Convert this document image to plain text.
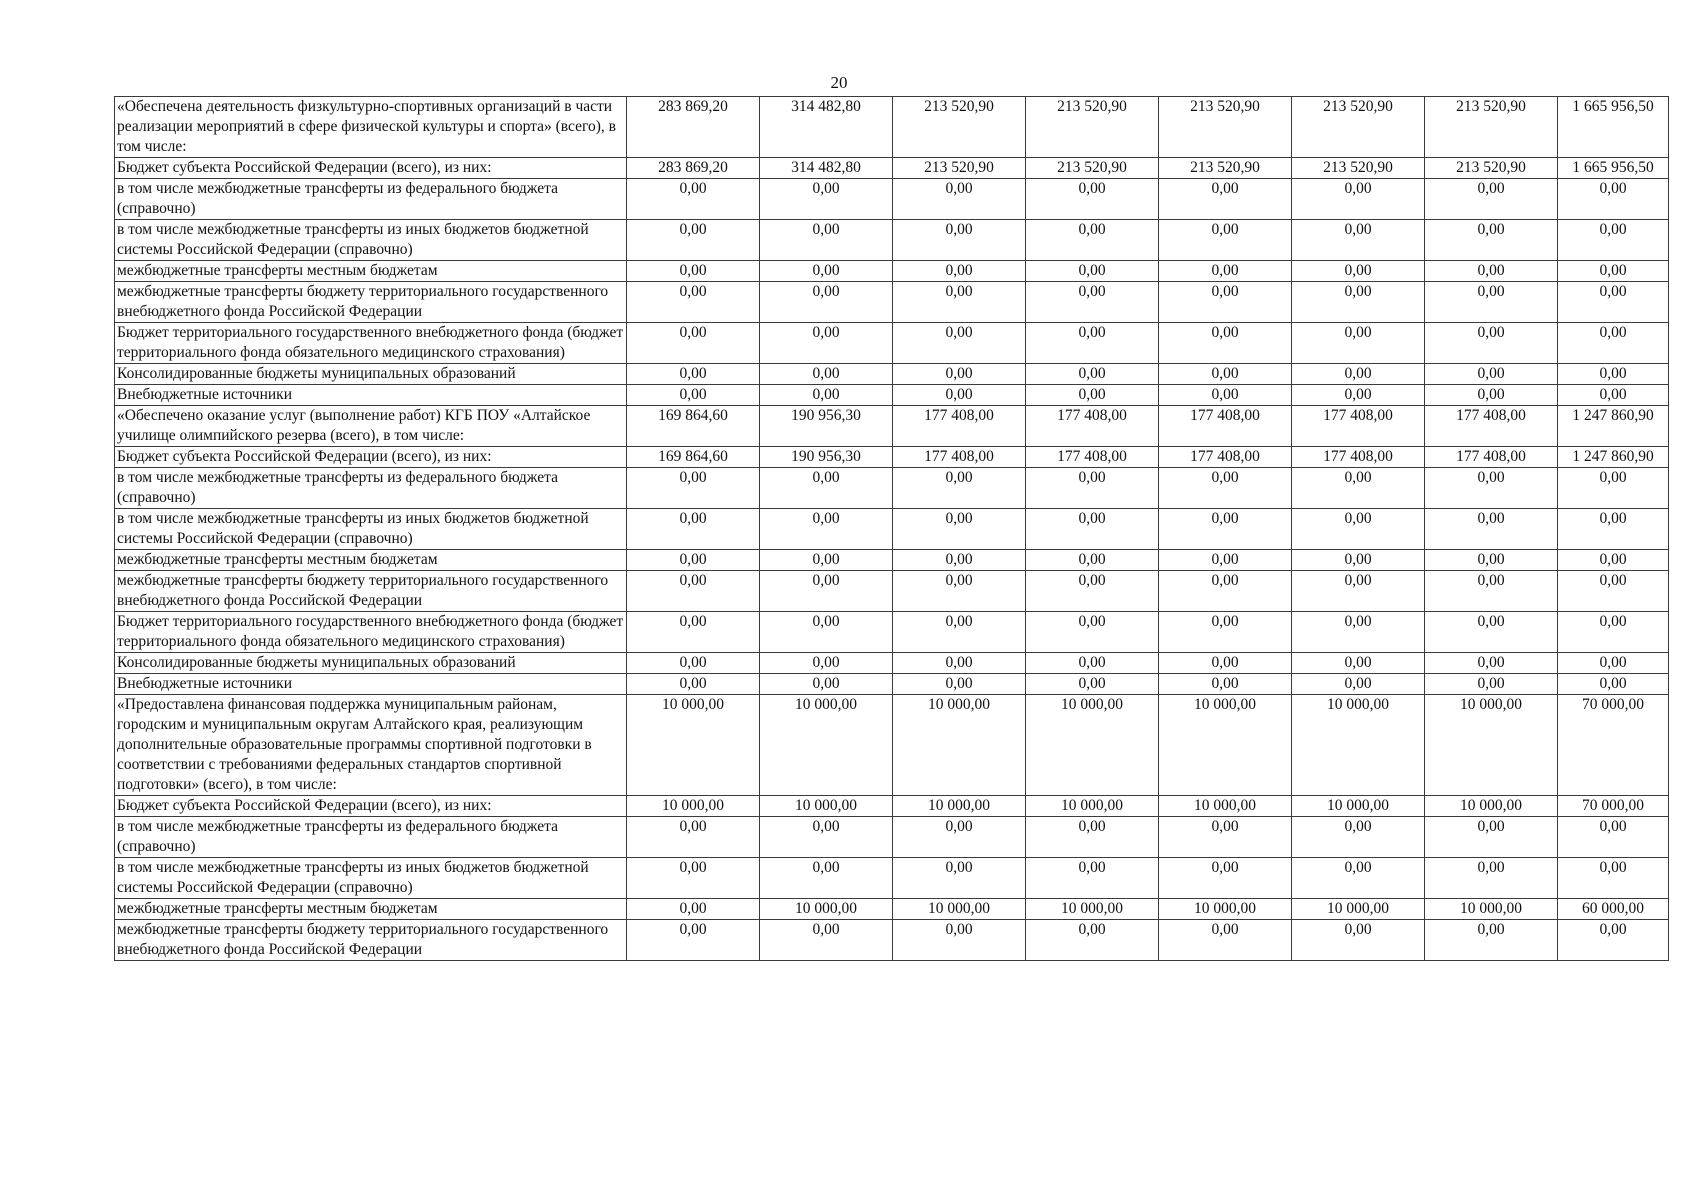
20
«Обеспечена деятельность физкультурно-спортивных организаций в части реализации мероприятий в сфере физической культуры и спорта» (всего), в том числе:	283 869,20	314 482,80	213 520,90	213 520,90	213 520,90	213 520,90	213 520,90	1 665 956,50
Бюджет субъекта Российской Федерации (всего), из них:	283 869,20	314 482,80	213 520,90	213 520,90	213 520,90	213 520,90	213 520,90	1 665 956,50
в том числе межбюджетные трансферты из федерального бюджета (справочно)	0,00	0,00	0,00	0,00	0,00	0,00	0,00	0,00
в том числе межбюджетные трансферты из иных бюджетов бюджетной системы Российской Федерации (справочно)	0,00	0,00	0,00	0,00	0,00	0,00	0,00	0,00
межбюджетные трансферты местным бюджетам	0,00	0,00	0,00	0,00	0,00	0,00	0,00	0,00
межбюджетные трансферты бюджету территориального государственного внебюджетного фонда Российской Федерации	0,00	0,00	0,00	0,00	0,00	0,00	0,00	0,00
Бюджет территориального государственного внебюджетного фонда (бюджет территориального фонда обязательного медицинского страхования)	0,00	0,00	0,00	0,00	0,00	0,00	0,00	0,00
Консолидированные бюджеты муниципальных образований	0,00	0,00	0,00	0,00	0,00	0,00	0,00	0,00
Внебюджетные источники	0,00	0,00	0,00	0,00	0,00	0,00	0,00	0,00
«Обеспечено оказание услуг (выполнение работ) КГБ ПОУ «Алтайское училище олимпийского резерва (всего), в том числе:	169 864,60	190 956,30	177 408,00	177 408,00	177 408,00	177 408,00	177 408,00	1 247 860,90
Бюджет субъекта Российской Федерации (всего), из них:	169 864,60	190 956,30	177 408,00	177 408,00	177 408,00	177 408,00	177 408,00	1 247 860,90
в том числе межбюджетные трансферты из федерального бюджета (справочно)	0,00	0,00	0,00	0,00	0,00	0,00	0,00	0,00
в том числе межбюджетные трансферты из иных бюджетов бюджетной системы Российской Федерации (справочно)	0,00	0,00	0,00	0,00	0,00	0,00	0,00	0,00
межбюджетные трансферты местным бюджетам	0,00	0,00	0,00	0,00	0,00	0,00	0,00	0,00
межбюджетные трансферты бюджету территориального государственного внебюджетного фонда Российской Федерации	0,00	0,00	0,00	0,00	0,00	0,00	0,00	0,00
Бюджет территориального государственного внебюджетного фонда (бюджет территориального фонда обязательного медицинского страхования)	0,00	0,00	0,00	0,00	0,00	0,00	0,00	0,00
Консолидированные бюджеты муниципальных образований	0,00	0,00	0,00	0,00	0,00	0,00	0,00	0,00
Внебюджетные источники	0,00	0,00	0,00	0,00	0,00	0,00	0,00	0,00
«Предоставлена финансовая поддержка муниципальным районам, городским и муниципальным округам Алтайского края, реализующим дополнительные образовательные программы спортивной подготовки в соответствии с требованиями федеральных стандартов спортивной подготовки» (всего), в том числе:	10 000,00	10 000,00	10 000,00	10 000,00	10 000,00	10 000,00	10 000,00	70 000,00
Бюджет субъекта Российской Федерации (всего), из них:	10 000,00	10 000,00	10 000,00	10 000,00	10 000,00	10 000,00	10 000,00	70 000,00
в том числе межбюджетные трансферты из федерального бюджета (справочно)	0,00	0,00	0,00	0,00	0,00	0,00	0,00	0,00
в том числе межбюджетные трансферты из иных бюджетов бюджетной системы Российской Федерации (справочно)	0,00	0,00	0,00	0,00	0,00	0,00	0,00	0,00
межбюджетные трансферты местным бюджетам	0,00	10 000,00	10 000,00	10 000,00	10 000,00	10 000,00	10 000,00	60 000,00
межбюджетные трансферты бюджету территориального государственного внебюджетного фонда Российской Федерации	0,00	0,00	0,00	0,00	0,00	0,00	0,00	0,00
